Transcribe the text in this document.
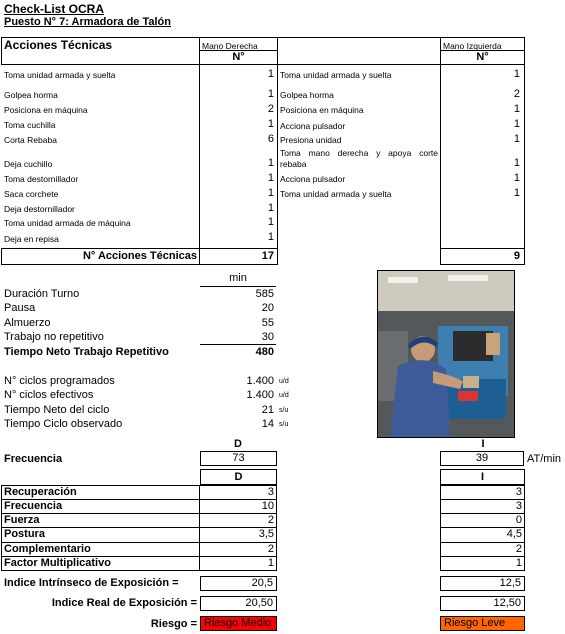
Check-List OCRA
Puesto N° 7: Armadora de Talón
Acciones Técnicas	Mano Derecha	Mano Izquierda
N°	N°
Toma unidad armada y suelta	1
Golpea horma	1
Posiciona en máquina	2
Toma cuchilla	1
Corta Rebaba	6
Deja cuchillo	1
Toma destornillador	1
Saca corchete	1
Deja destornillador	1
Toma unidad armada de máquina	1
Deja en repisa	1
Toma unidad armada y suelta	1
Golpea horma	2
Posiciona en máquina	1
Acciona pulsador	1
Presiona unidad	1
Toma mano derecha y apoya corte rebaba	1
Acciona pulsador	1
Toma unidad armada y suelta	1
N° Acciones Técnicas	17	9
min
Duración Turno	585
Pausa	20
Almuerzo	55
Trabajo no repetitivo	30
Tiempo Neto Trabajo Repetitivo	480
N° ciclos programados	1.400 u/d
N° ciclos efectivos	1.400 u/d
Tiempo Neto del ciclo	21 s/u
Tiempo Ciclo observado	14 s/u
D	I
Frecuencia	73	39	AT/min
D	I
Recuperación	3	3
Frecuencia	10	3
Fuerza	2	0
Postura	3,5	4,5
Complementario	2	2
Factor Multiplicativo	1	1
Indice Intrínseco de Exposición =	20,5	12,5
Indice Real de Exposición =	20,50	12,50
Riesgo = Riesgo Medio	Riesgo Leve
